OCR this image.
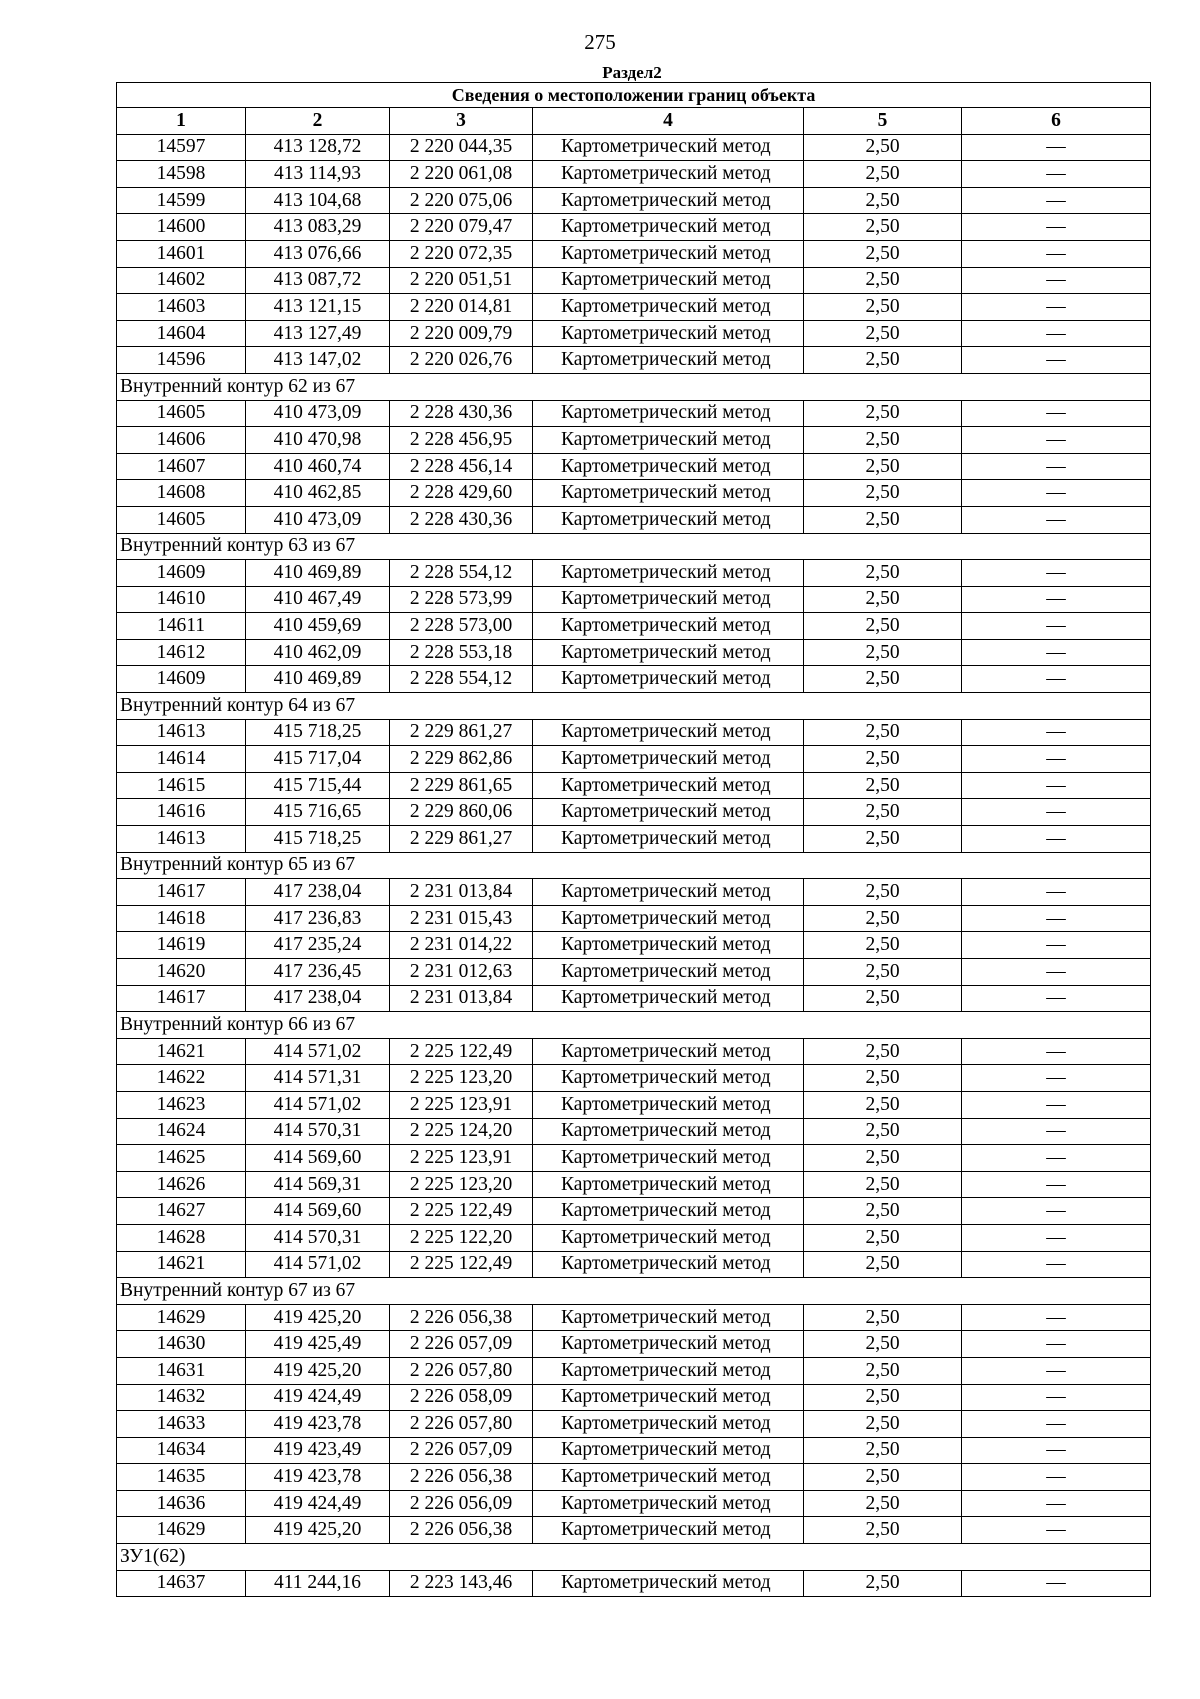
275
Раздел2
Сведения о местоположении границ объекта					
1	2	3	4	5	6
14597	413 128,72	2 220 044,35	Картометрический метод	2,50	—
14598	413 114,93	2 220 061,08	Картометрический метод	2,50	—
14599	413 104,68	2 220 075,06	Картометрический метод	2,50	—
14600	413 083,29	2 220 079,47	Картометрический метод	2,50	—
14601	413 076,66	2 220 072,35	Картометрический метод	2,50	—
14602	413 087,72	2 220 051,51	Картометрический метод	2,50	—
14603	413 121,15	2 220 014,81	Картометрический метод	2,50	—
14604	413 127,49	2 220 009,79	Картометрический метод	2,50	—
14596	413 147,02	2 220 026,76	Картометрический метод	2,50	—
Внутренний контур 62 из 67					
14605	410 473,09	2 228 430,36	Картометрический метод	2,50	—
14606	410 470,98	2 228 456,95	Картометрический метод	2,50	—
14607	410 460,74	2 228 456,14	Картометрический метод	2,50	—
14608	410 462,85	2 228 429,60	Картометрический метод	2,50	—
14605	410 473,09	2 228 430,36	Картометрический метод	2,50	—
Внутренний контур 63 из 67					
14609	410 469,89	2 228 554,12	Картометрический метод	2,50	—
14610	410 467,49	2 228 573,99	Картометрический метод	2,50	—
14611	410 459,69	2 228 573,00	Картометрический метод	2,50	—
14612	410 462,09	2 228 553,18	Картометрический метод	2,50	—
14609	410 469,89	2 228 554,12	Картометрический метод	2,50	—
Внутренний контур 64 из 67					
14613	415 718,25	2 229 861,27	Картометрический метод	2,50	—
14614	415 717,04	2 229 862,86	Картометрический метод	2,50	—
14615	415 715,44	2 229 861,65	Картометрический метод	2,50	—
14616	415 716,65	2 229 860,06	Картометрический метод	2,50	—
14613	415 718,25	2 229 861,27	Картометрический метод	2,50	—
Внутренний контур 65 из 67					
14617	417 238,04	2 231 013,84	Картометрический метод	2,50	—
14618	417 236,83	2 231 015,43	Картометрический метод	2,50	—
14619	417 235,24	2 231 014,22	Картометрический метод	2,50	—
14620	417 236,45	2 231 012,63	Картометрический метод	2,50	—
14617	417 238,04	2 231 013,84	Картометрический метод	2,50	—
Внутренний контур 66 из 67					
14621	414 571,02	2 225 122,49	Картометрический метод	2,50	—
14622	414 571,31	2 225 123,20	Картометрический метод	2,50	—
14623	414 571,02	2 225 123,91	Картометрический метод	2,50	—
14624	414 570,31	2 225 124,20	Картометрический метод	2,50	—
14625	414 569,60	2 225 123,91	Картометрический метод	2,50	—
14626	414 569,31	2 225 123,20	Картометрический метод	2,50	—
14627	414 569,60	2 225 122,49	Картометрический метод	2,50	—
14628	414 570,31	2 225 122,20	Картометрический метод	2,50	—
14621	414 571,02	2 225 122,49	Картометрический метод	2,50	—
Внутренний контур 67 из 67					
14629	419 425,20	2 226 056,38	Картометрический метод	2,50	—
14630	419 425,49	2 226 057,09	Картометрический метод	2,50	—
14631	419 425,20	2 226 057,80	Картометрический метод	2,50	—
14632	419 424,49	2 226 058,09	Картометрический метод	2,50	—
14633	419 423,78	2 226 057,80	Картометрический метод	2,50	—
14634	419 423,49	2 226 057,09	Картометрический метод	2,50	—
14635	419 423,78	2 226 056,38	Картометрический метод	2,50	—
14636	419 424,49	2 226 056,09	Картометрический метод	2,50	—
14629	419 425,20	2 226 056,38	Картометрический метод	2,50	—
ЗУ1(62)					
14637	411 244,16	2 223 143,46	Картометрический метод	2,50	—
